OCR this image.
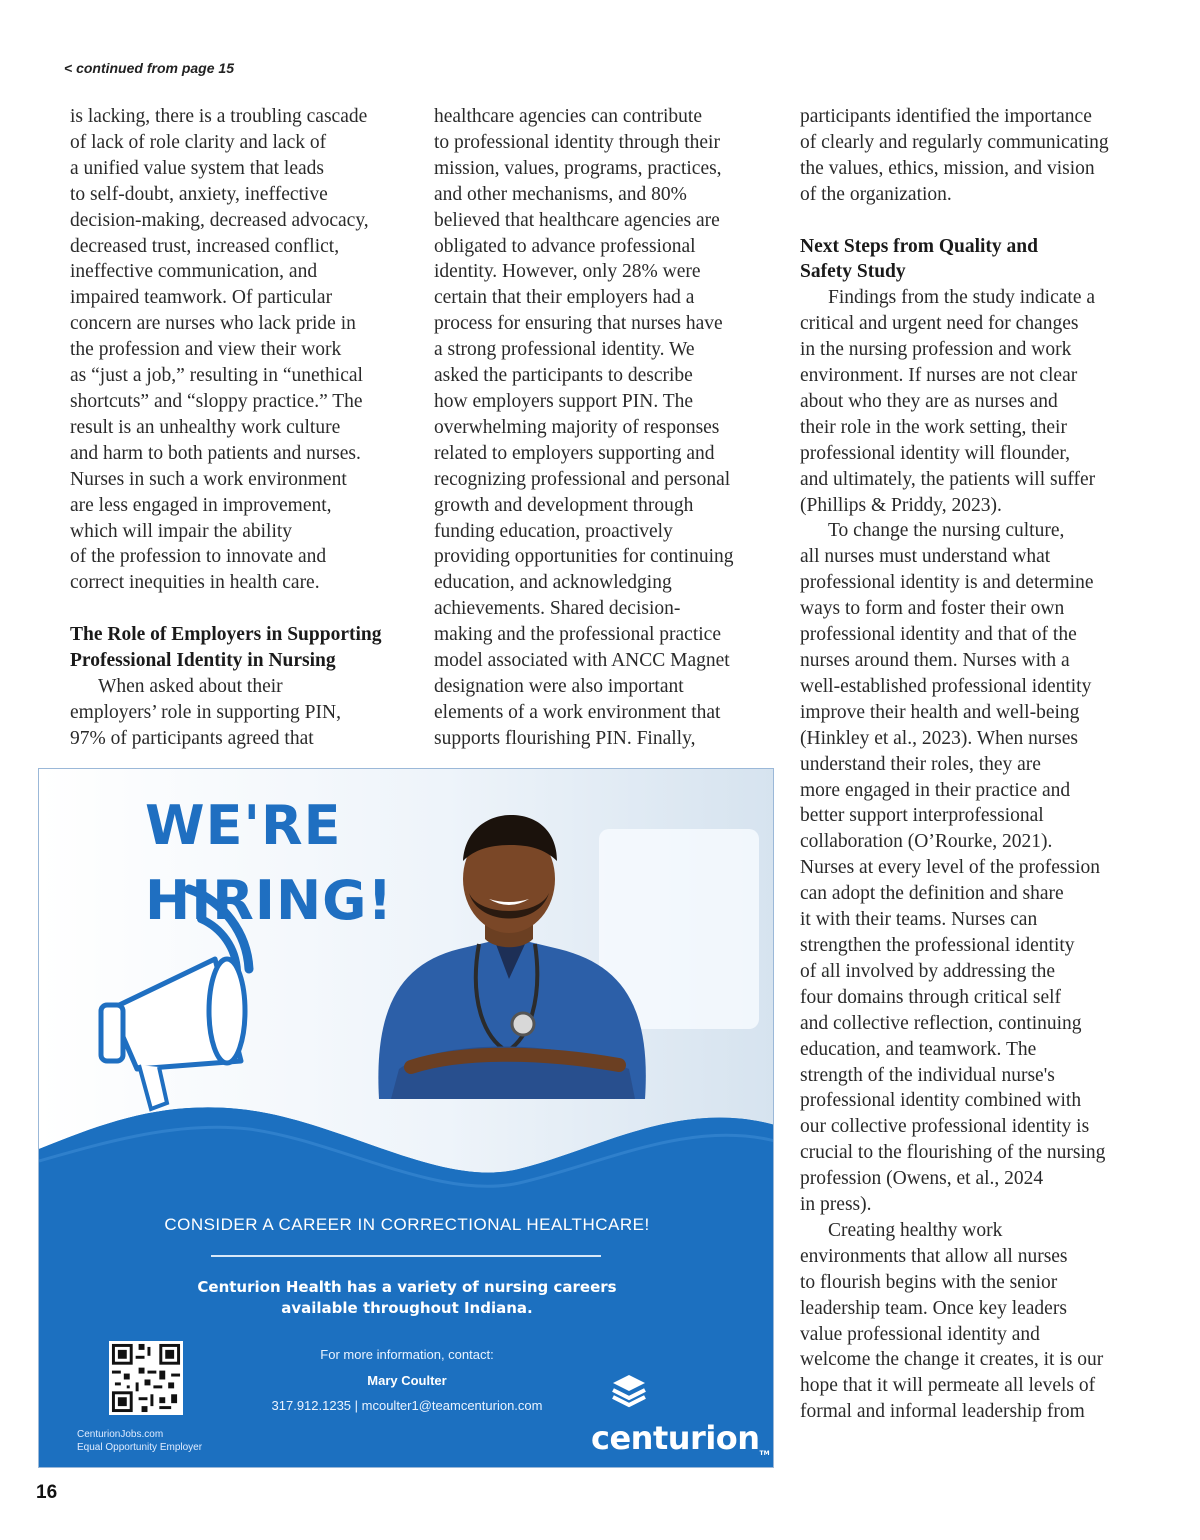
< continued from page 15

is lacking, there is a troubling cascade

of lack of role clarity and lack of

a unified value system that leads

to self-doubt, anxiety, ineffective

decision-making, decreased advocacy,

decreased trust, increased conflict,

ineffective communication, and

impaired teamwork. Of particular

concern are nurses who lack pride in

the profession and view their work

as “just a job,” resulting in “unethical

shortcuts” and “sloppy practice.” The

result is an unhealthy work culture

and harm to both patients and nurses.

Nurses in such a work environment

are less engaged in improvement,

which will impair the ability

of the profession to innovate and

correct inequities in health care.

The Role of Employers in Supporting

Professional Identity in Nursing

When asked about their

employers’ role in supporting PIN,

97% of participants agreed that

healthcare agencies can contribute

to professional identity through their

mission, values, programs, practices,

and other mechanisms, and 80%

believed that healthcare agencies are

obligated to advance professional

identity. However, only 28% were

certain that their employers had a

process for ensuring that nurses have

a strong professional identity. We

asked the participants to describe

how employers support PIN. The

overwhelming majority of responses

related to employers supporting and

recognizing professional and personal

growth and development through

funding education, proactively

providing opportunities for continuing

education, and acknowledging

achievements. Shared decision-

making and the professional practice

model associated with ANCC Magnet

designation were also important

elements of a work environment that

supports flourishing PIN. Finally,

participants identified the importance

of clearly and regularly communicating

the values, ethics, mission, and vision

of the organization.

Next Steps from Quality and

Safety Study

Findings from the study indicate a

critical and urgent need for changes

in the nursing profession and work

environment. If nurses are not clear

about who they are as nurses and

their role in the work setting, their

professional identity will flounder,

and ultimately, the patients will suffer

(Phillips & Priddy, 2023).

To change the nursing culture,

all nurses must understand what

professional identity is and determine

ways to form and foster their own

professional identity and that of the

nurses around them. Nurses with a

well-established professional identity

improve their health and well-being

(Hinkley et al., 2023). When nurses

understand their roles, they are

more engaged in their practice and

better support interprofessional

collaboration (O’Rourke, 2021).

Nurses at every level of the profession

can adopt the definition and share

it with their teams. Nurses can

strengthen the professional identity

of all involved by addressing the

four domains through critical self

and collective reflection, continuing

education, and teamwork. The

strength of the individual nurse's

professional identity combined with

our collective professional identity is

crucial to the flourishing of the nursing

profession (Owens, et al., 2024

in press).

Creating healthy work

environments that allow all nurses

to flourish begins with the senior

leadership team. Once key leaders

value professional identity and

welcome the change it creates, it is our

hope that it will permeate all levels of

formal and informal leadership from

WE'RE
HIRING!
CONSIDER A CAREER IN CORRECTIONAL HEALTHCARE!
Centurion Health has a variety of nursing careers
available throughout Indiana.
For more information, contact:
Mary Coulter
317.912.1235 | mcoulter1@teamcenturion.com
CenturionJobs.com
Equal Opportunity Employer	centurionTM
16
